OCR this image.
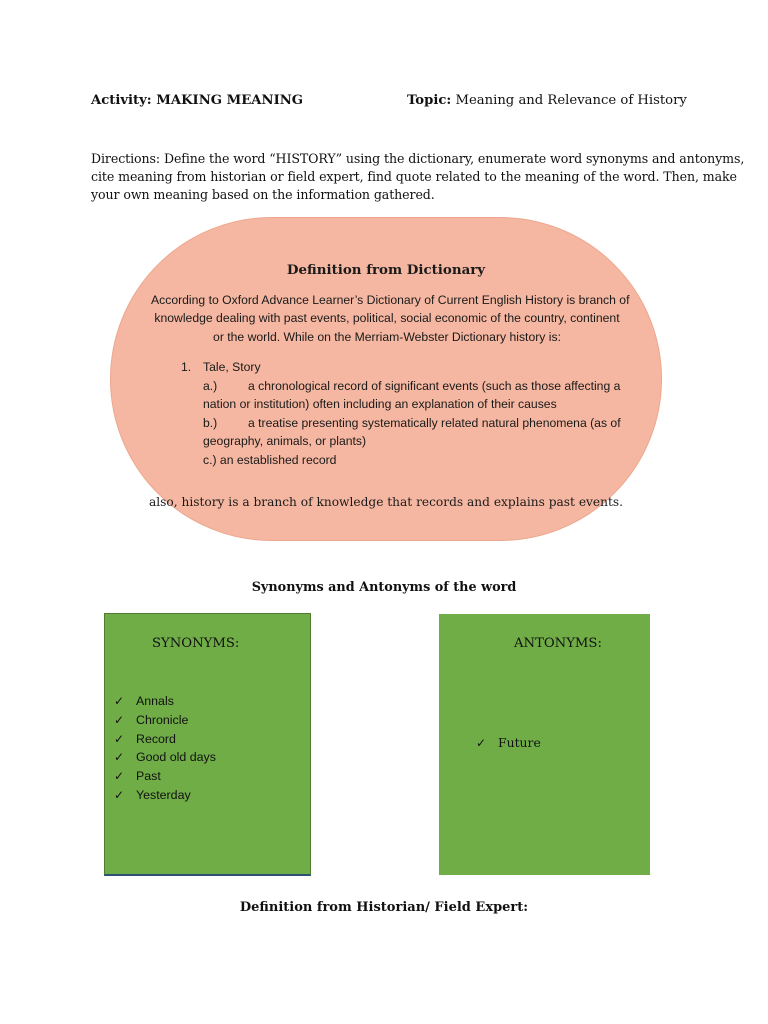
Activity: MAKING MEANING	Topic: Meaning and Relevance of History
Directions: Define the word “HISTORY” using the dictionary, enumerate word synonyms and antonyms,
cite meaning from historian or field expert, find quote related to the meaning of the word. Then, make
your own meaning based on the information gathered.
Definition from Dictionary
According to Oxford Advance Learner’s Dictionary of Current English History is branch of
knowledge dealing with past events, political, social economic of the country, continent
or the world. While on the Merriam-Webster Dictionary history is:
1. Tale, Story
a.)	a chronological record of significant events (such as those affecting a
nation or institution) often including an explanation of their causes
b.)	a treatise presenting systematically related natural phenomena (as of
geography, animals, or plants)
c.) an established record
also, history is a branch of knowledge that records and explains past events.
Synonyms and Antonyms of the word
SYNONYMS:
✓ Annals
✓ Chronicle
✓ Record
✓ Good old days
✓ Past
✓ Yesterday
ANTONYMS:
✓ Future
Definition from Historian/ Field Expert:
